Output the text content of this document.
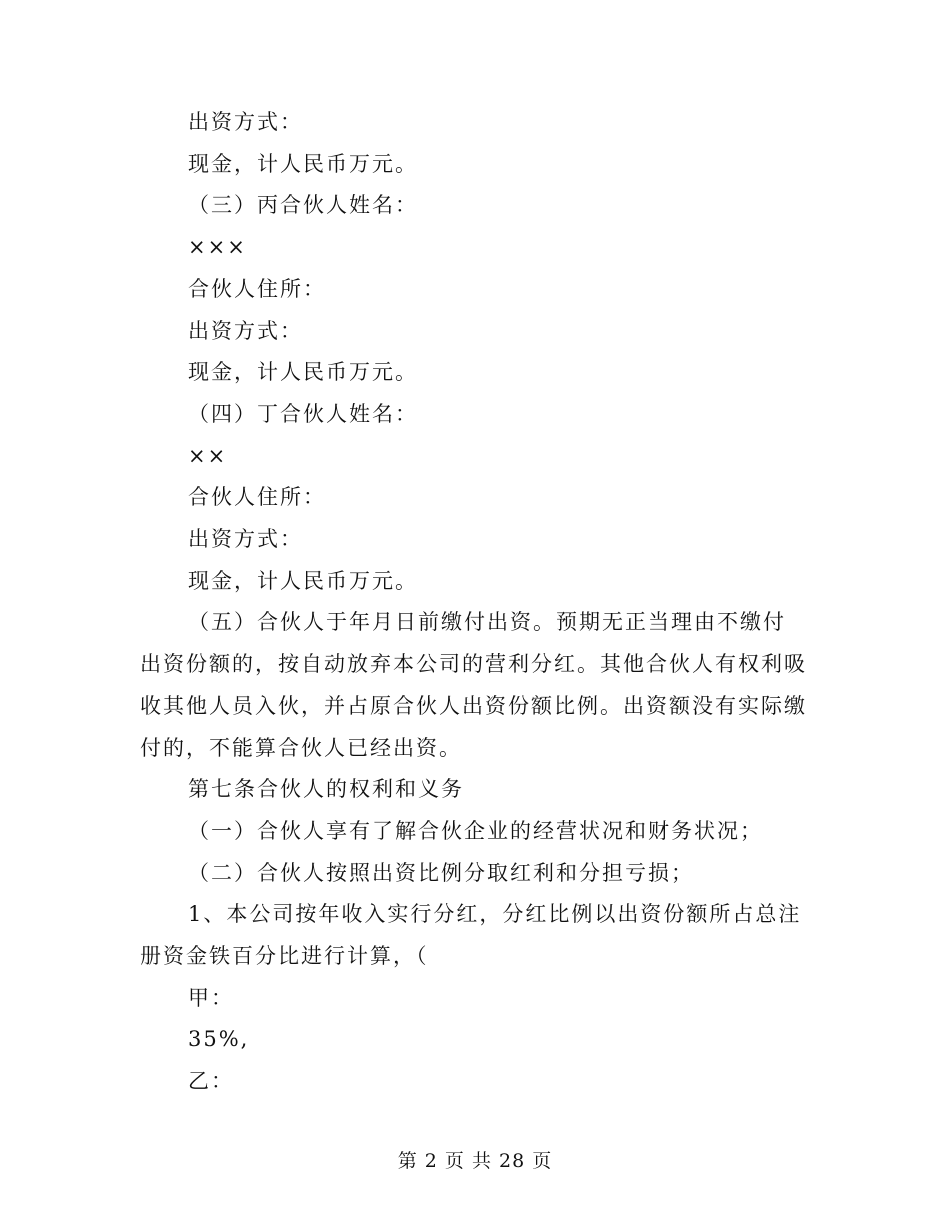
出资方式：

现金，计人民币万元。

（三）丙合伙人姓名：

×××

合伙人住所：

出资方式：

现金，计人民币万元。

（四）丁合伙人姓名：

××

合伙人住所：

出资方式：

现金，计人民币万元。

（五）合伙人于年月日前缴付出资。预期无正当理由不缴付出资份额的，按自动放弃本公司的营利分红。其他合伙人有权利吸收其他人员入伙，并占原合伙人出资份额比例。出资额没有实际缴付的，不能算合伙人已经出资。

第七条合伙人的权利和义务

（一）合伙人享有了解合伙企业的经营状况和财务状况；

（二）合伙人按照出资比例分取红利和分担亏损；

1、本公司按年收入实行分红，分红比例以出资份额所占总注册资金铁百分比进行计算，（

甲：

35%,

乙：

第 2 页 共 28 页
